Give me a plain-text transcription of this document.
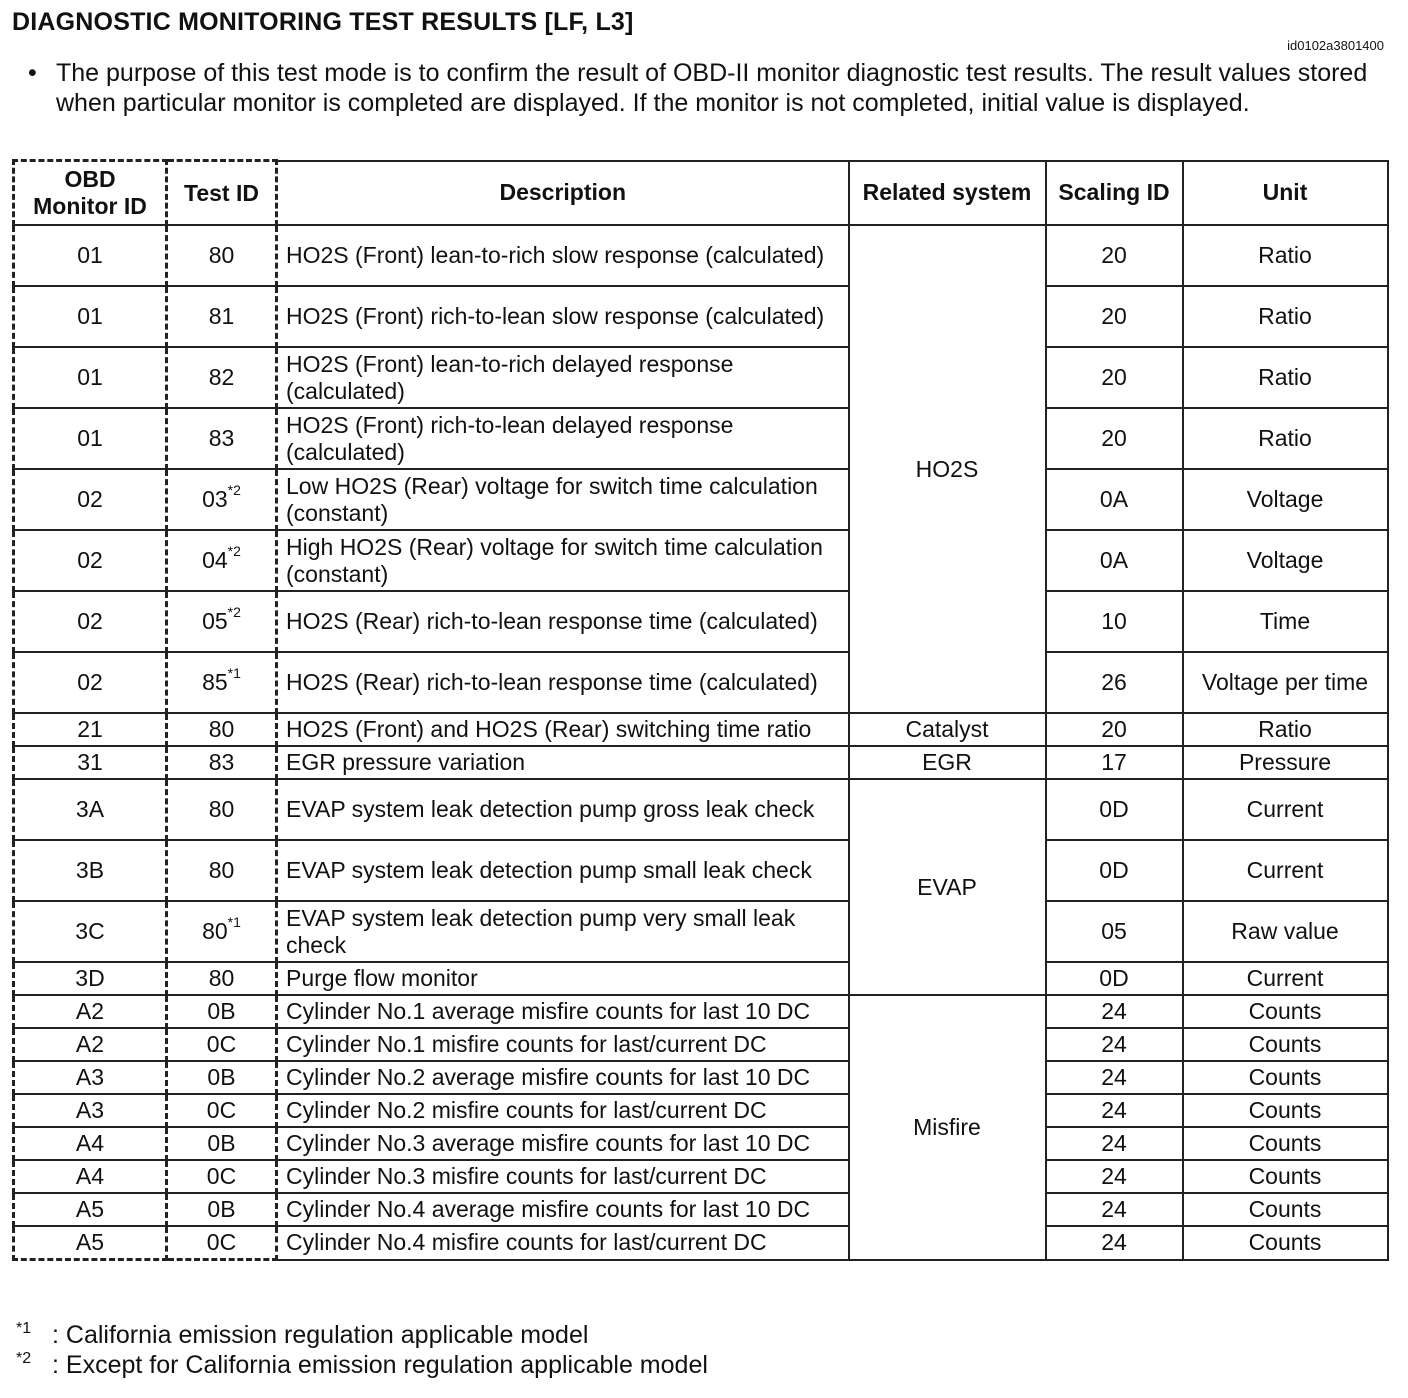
DIAGNOSTIC MONITORING TEST RESULTS [LF, L3]
id0102a3801400
• The purpose of this test mode is to confirm the result of OBD-II monitor diagnostic test results. The result values stored when particular monitor is completed are displayed. If the monitor is not completed, initial value is displayed.
OBD Monitor ID	Test ID	Description	Related system	Scaling ID	Unit
01	80	HO2S (Front) lean-to-rich slow response (calculated)	HO2S	20	Ratio
01	81	HO2S (Front) rich-to-lean slow response (calculated)		20	Ratio
01	82	HO2S (Front) lean-to-rich delayed response (calculated)		20	Ratio
01	83	HO2S (Front) rich-to-lean delayed response (calculated)		20	Ratio
02	03$^{*2}$	Low HO2S (Rear) voltage for switch time calculation (constant)		0A	Voltage
02	04$^{*2}$	High HO2S (Rear) voltage for switch time calculation (constant)		0A	Voltage
02	05$^{*2}$	HO2S (Rear) rich-to-lean response time (calculated)		10	Time
02	85$^{*1}$	HO2S (Rear) rich-to-lean response time (calculated)		26	Voltage per time
21	80	HO2S (Front) and HO2S (Rear) switching time ratio	Catalyst	20	Ratio
31	83	EGR pressure variation	EGR	17	Pressure
3A	80	EVAP system leak detection pump gross leak check	EVAP	0D	Current
3B	80	EVAP system leak detection pump small leak check		0D	Current
3C	80$^{*1}$	EVAP system leak detection pump very small leak check		05	Raw value
3D	80	Purge flow monitor		0D	Current
A2	0B	Cylinder No.1 average misfire counts for last 10 DC	Misfire	24	Counts
A2	0C	Cylinder No.1 misfire counts for last/current DC		24	Counts
A3	0B	Cylinder No.2 average misfire counts for last 10 DC		24	Counts
A3	0C	Cylinder No.2 misfire counts for last/current DC		24	Counts
A4	0B	Cylinder No.3 average misfire counts for last 10 DC		24	Counts
A4	0C	Cylinder No.3 misfire counts for last/current DC		24	Counts
A5	0B	Cylinder No.4 average misfire counts for last 10 DC		24	Counts
A5	0C	Cylinder No.4 misfire counts for last/current DC		24	Counts
*1 : California emission regulation applicable model
*2 : Except for California emission regulation applicable model
